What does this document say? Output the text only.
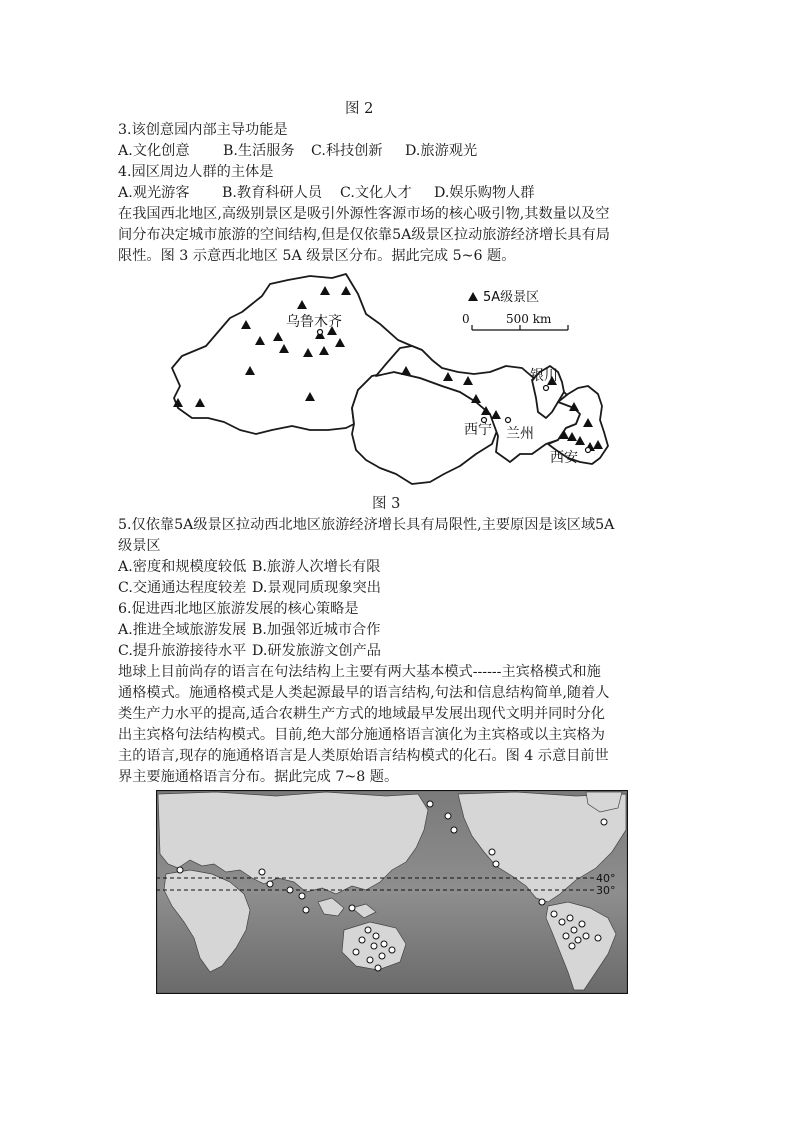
图 2
3.该创意园内部主导功能是
A.文化创意 B.生活服务 C.科技创新 D.旅游观光
4.园区周边人群的主体是
A.观光游客 B.教育科研人员 C.文化人才 D.娱乐购物人群
在我国西北地区,高级别景区是吸引外源性客源市场的核心吸引物,其数量以及空
间分布决定城市旅游的空间结构,但是仅依靠5A级景区拉动旅游经济增长具有局
限性。图 3 示意西北地区 5A 级景区分布。据此完成 5~6 题。
乌鲁木齐
银川
西宁 兰州
西安
5A级景区
0	500 km
图 3
5.仅依靠5A级景区拉动西北地区旅游经济增长具有局限性,主要原因是该区域5A
级景区
A.密度和规模度较低 B.旅游人次增长有限
C.交通通达程度较差 D.景观同质现象突出
6.促进西北地区旅游发展的核心策略是
A.推进全域旅游发展 B.加强邻近城市合作
C.提升旅游接待水平 D.研发旅游文创产品
地球上目前尚存的语言在句法结构上主要有两大基本模式------主宾格模式和施
通格模式。施通格模式是人类起源最早的语言结构,句法和信息结构简单,随着人
类生产力水平的提高,适合农耕生产方式的地域最早发展出现代文明并同时分化
出主宾格句法结构模式。目前,绝大部分施通格语言演化为主宾格或以主宾格为
主的语言,现存的施通格语言是人类原始语言结构模式的化石。图 4 示意目前世
界主要施通格语言分布。据此完成 7~8 题。
40°
30°
